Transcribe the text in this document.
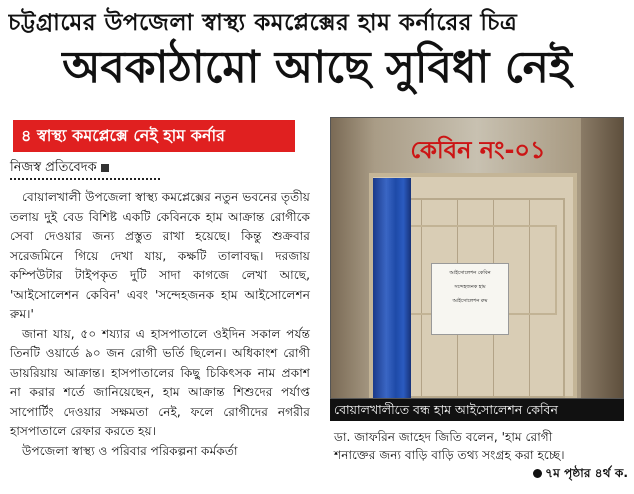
চট্টগ্রামের উপজেলা স্বাস্থ্য কমপ্লেক্সের হাম কর্নারের চিত্র
অবকাঠামো আছে সুবিধা নেই
৪ স্বাস্থ্য কমপ্লেক্সে নেই হাম কর্নার
নিজস্ব প্রতিবেদক

বোয়ালখালী উপজেলা স্বাস্থ্য কমপ্লেক্সের নতুন ভবনের তৃতীয় তলায় দুই বেড বিশিষ্ট একটি কেবিনকে হাম আক্রান্ত রোগীকে সেবা দেওয়ার জন্য প্রস্তুত রাখা হয়েছে। কিন্তু শুক্রবার সরেজমিনে গিয়ে দেখা যায়, কক্ষটি তালাবদ্ধ। দরজায় কম্পিউটার টাইপকৃত দুটি সাদা কাগজে লেখা আছে, 'আইসোলেশন কেবিন' এবং 'সন্দেহজনক হাম আইসোলেশন রুম।'

জানা যায়, ৫০ শয্যার এ হাসপাতালে ওইদিন সকাল পর্যন্ত তিনটি ওয়ার্ডে ৯০ জন রোগী ভর্তি ছিলেন। অধিকাংশ রোগী ডায়রিয়ায় আক্রান্ত। হাসপাতালের কিছু চিকিৎসক নাম প্রকাশ না করার শর্তে জানিয়েছেন, হাম আক্রান্ত শিশুদের পর্যাপ্ত সাপোর্টিং দেওয়ার সক্ষমতা নেই, ফলে রোগীদের নগরীর হাসপাতালে রেফার করতে হয়।

উপজেলা স্বাস্থ্য ও পরিবার পরিকল্পনা কর্মকর্তা

আইসোলেশন কেবিন
সন্দেহজনক হাম
আইসোলেশন রুম
কেবিন নং-০১
বোয়ালখালীতে বন্ধ হাম আইসোলেশন কেবিন

ডা. জাফরিন জাহেদ জিতি বলেন, 'হাম রোগী

শনাক্তের জন্য বাড়ি বাড়ি তথ্য সংগ্রহ করা হচ্ছে।

৭ম পৃষ্ঠার ৪র্থ ক.
